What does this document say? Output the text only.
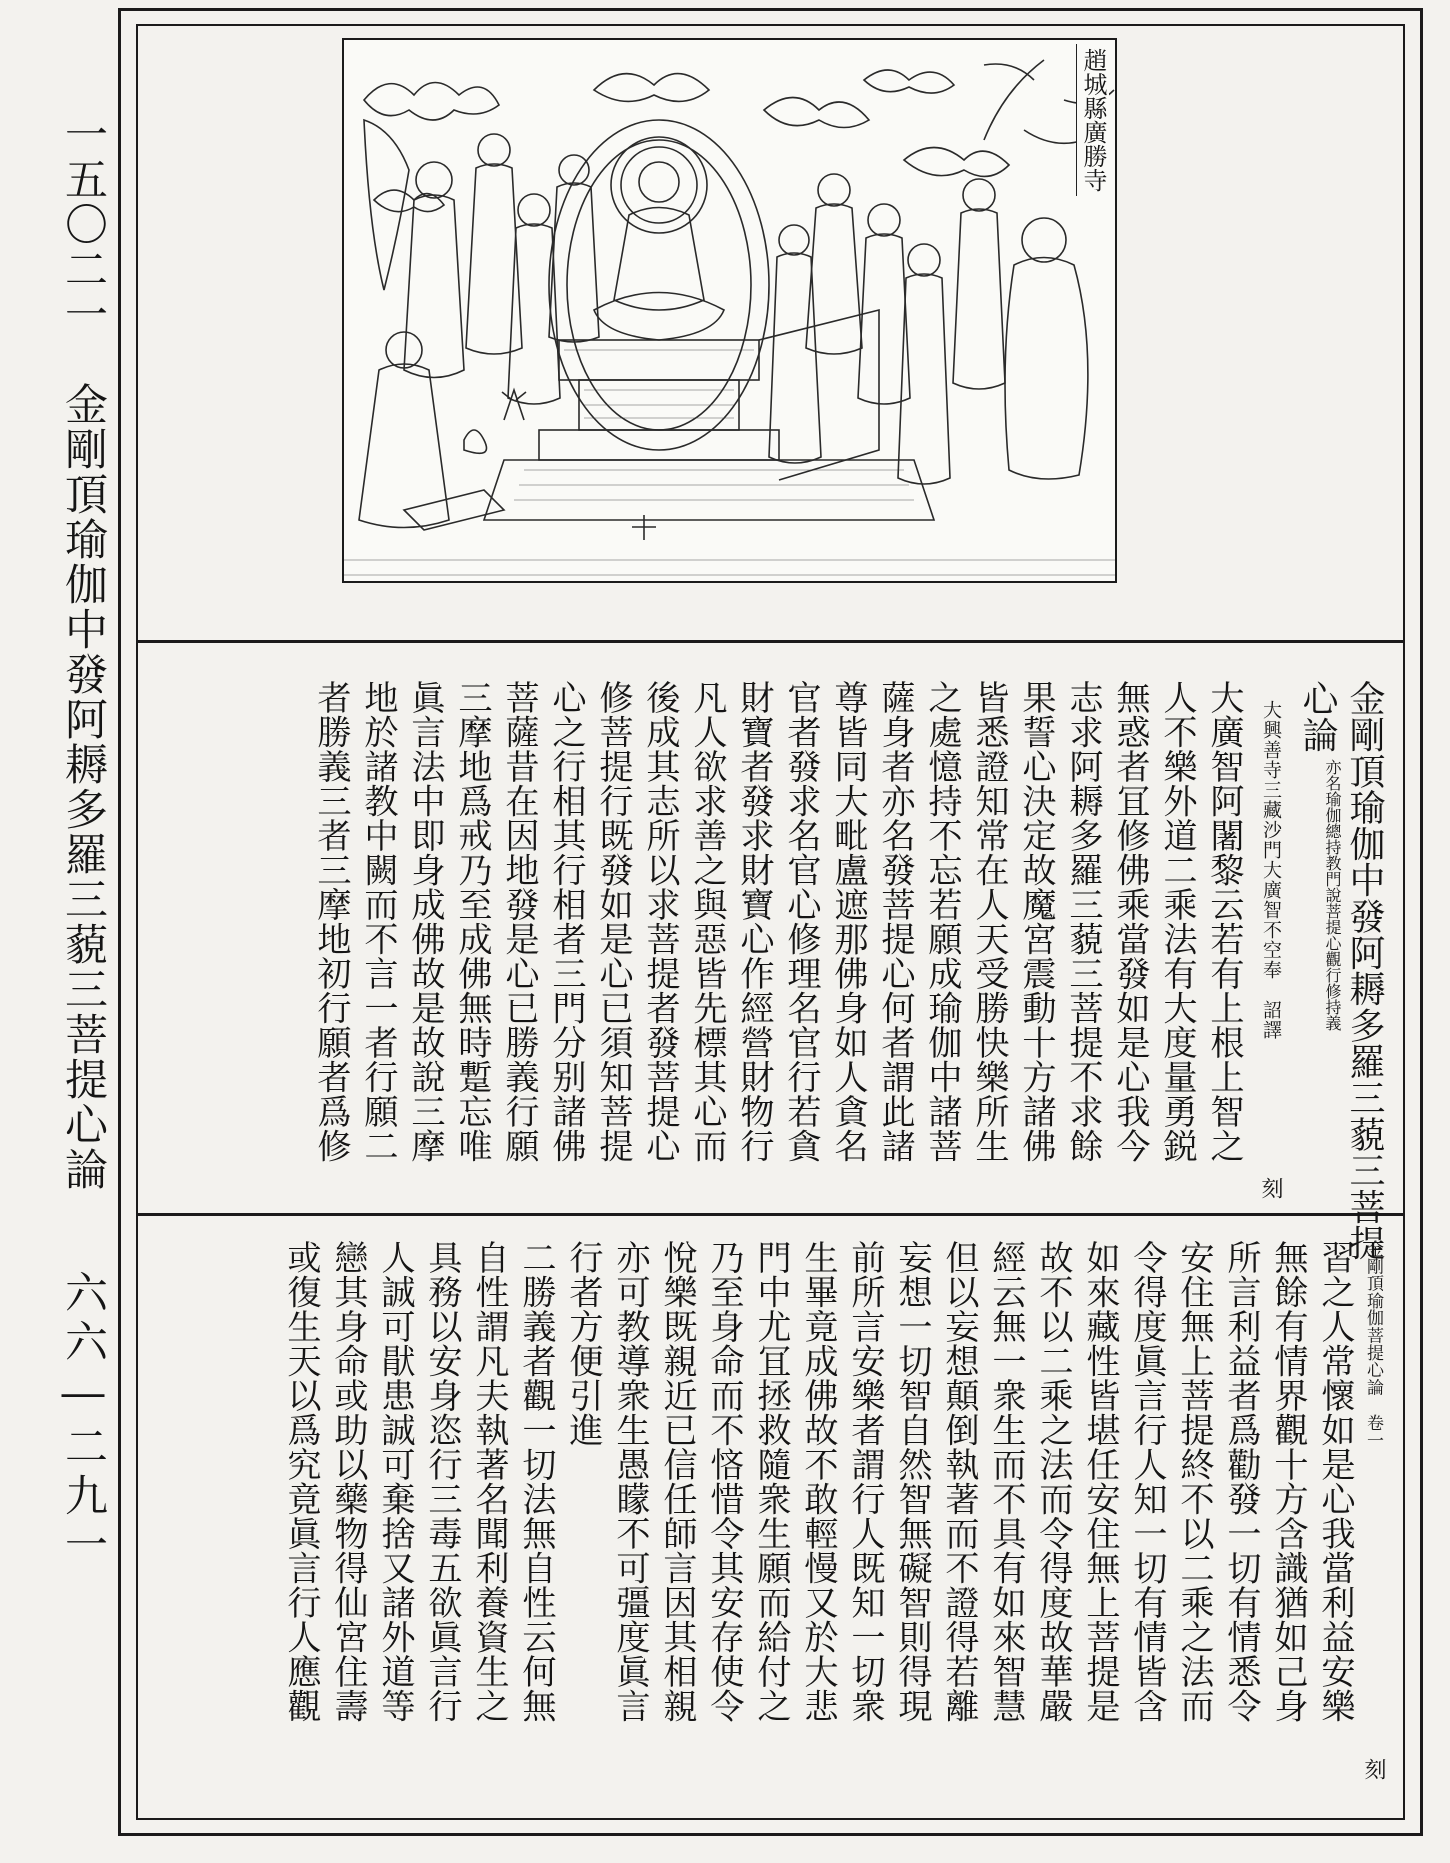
一五〇二一　金剛頂瑜伽中發阿耨多羅三藐三菩提心論
六六―二九一
趙城縣廣勝寺
金剛頂瑜伽中發阿耨多羅三藐三菩提
心論
亦名瑜伽總持教門說
菩提心觀行修持義
大興善寺三藏沙門大廣智不空奉　詔譯
刻
大廣智阿闍黎云若有上根上智之
人不樂外道二乘法有大度量勇鋭
無惑者冝修佛乘當發如是心我今
志求阿耨多羅三藐三菩提不求餘
果誓心決定故魔宮震動十方諸佛
皆悉證知常在人天受勝快樂所生
之處憶持不忘若願成瑜伽中諸菩
薩身者亦名發菩提心何者謂此諸
尊皆同大毗盧遮那佛身如人貪名
官者發求名官心修理名官行若貪
財寶者發求財寶心作經營財物行
凡人欲求善之與惡皆先標其心而
後成其志所以求菩提者發菩提心
修菩提行既發如是心已須知菩提
心之行相其行相者三門分别諸佛
菩薩昔在因地發是心已勝義行願
三摩地爲戒乃至成佛無時蹔忘唯
眞言法中即身成佛故是故說三摩
地於諸教中闕而不言一者行願二
者勝義三者三摩地初行願者爲修
金剛頂瑜伽菩提心論
卷一
刻
習之人常懷如是心我當利益安樂
無餘有情界觀十方含識猶如己身
所言利益者爲勸發一切有情悉令
安住無上菩提終不以二乘之法而
令得度眞言行人知一切有情皆含
如來藏性皆堪任安住無上菩提是
故不以二乘之法而令得度故華嚴
經云無一衆生而不具有如來智慧
但以妄想顛倒執著而不證得若離
妄想一切智自然智無礙智則得現
前所言安樂者謂行人既知一切衆
生畢竟成佛故不敢輕慢又於大悲
門中尤冝拯救隨衆生願而給付之
乃至身命而不悋惜令其安存使令
悅樂既親近已信任師言因其相親
亦可教導衆生愚矇不可彊度眞言
行者方便引進
二勝義者觀一切法無自性云何無
自性謂凡夫執著名聞利養資生之
具務以安身恣行三毒五欲眞言行
人誠可猒患誠可棄捨又諸外道等
戀其身命或助以藥物得仙宮住壽
或復生天以爲究竟眞言行人應觀
